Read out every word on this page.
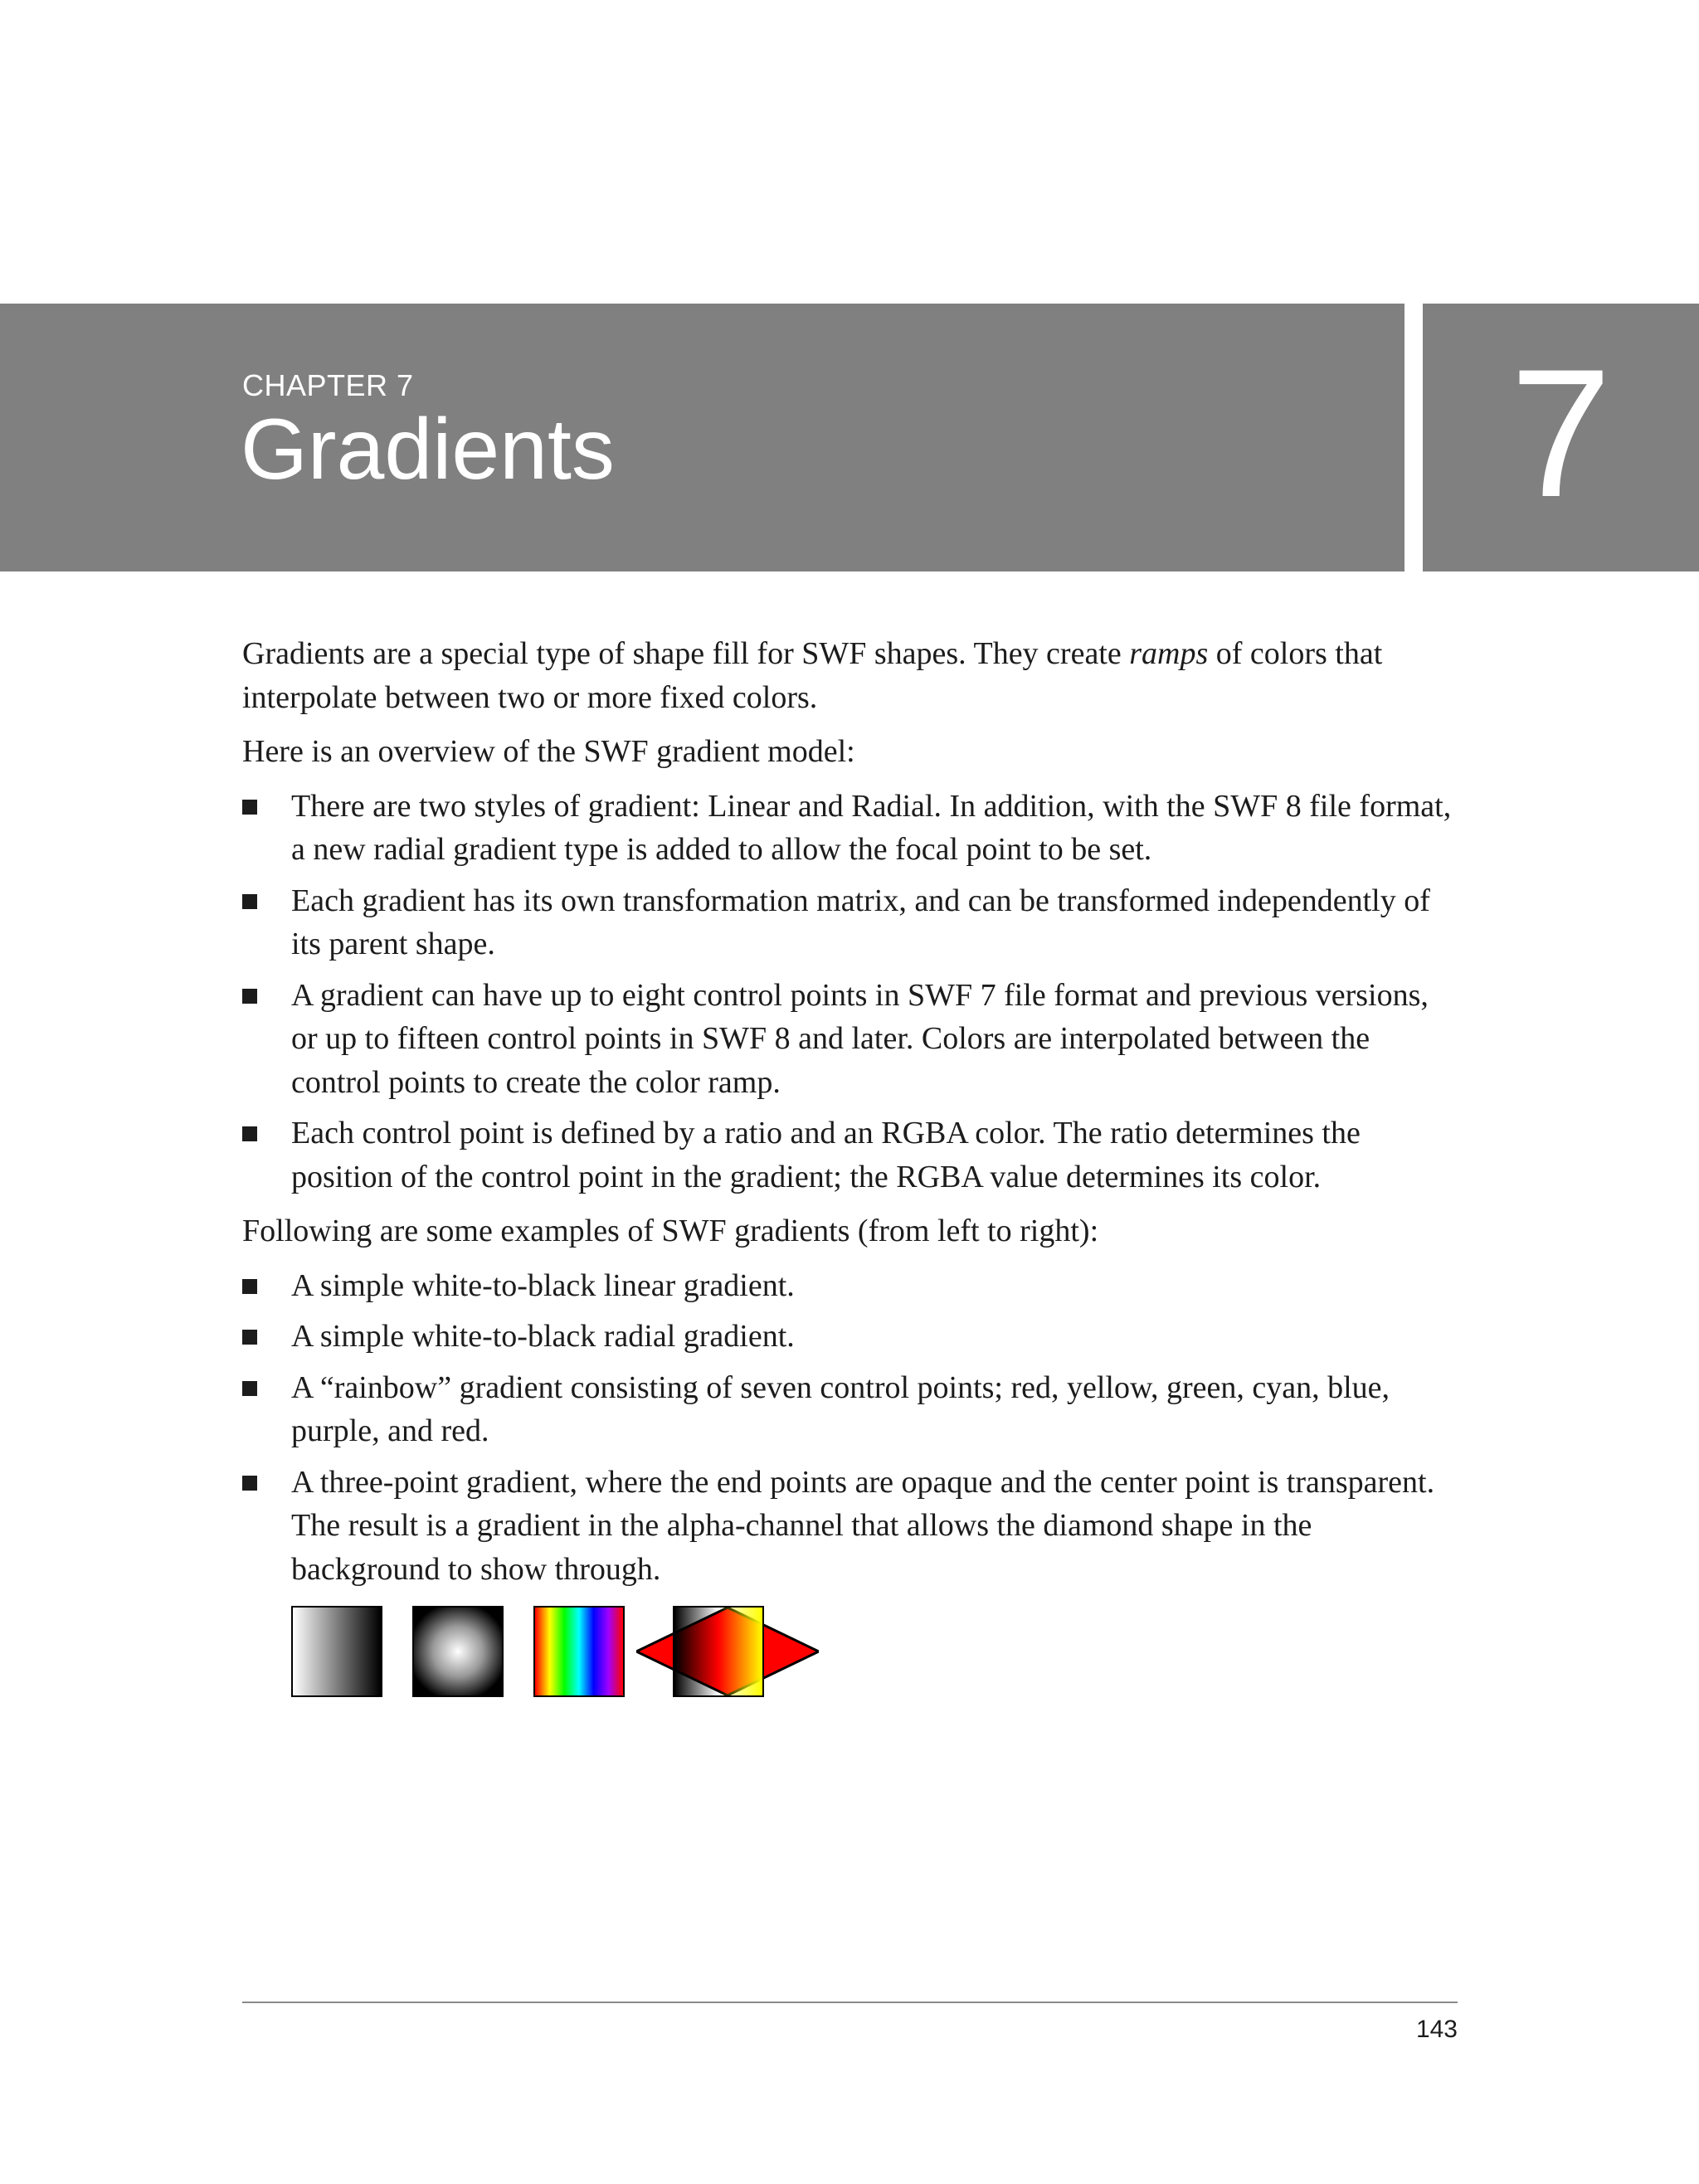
CHAPTER 7
Gradients	7

Gradients are a special type of shape fill for SWF shapes. They create ramps of colors that interpolate between two or more fixed colors.

Here is an overview of the SWF gradient model:

There are two styles of gradient: Linear and Radial. In addition, with the SWF 8 file format, a new radial gradient type is added to allow the focal point to be set.
Each gradient has its own transformation matrix, and can be transformed independently of its parent shape.
A gradient can have up to eight control points in SWF 7 file format and previous versions, or up to fifteen control points in SWF 8 and later. Colors are interpolated between the control points to create the color ramp.
Each control point is defined by a ratio and an RGBA color. The ratio determines the position of the control point in the gradient; the RGBA value determines its color.

Following are some examples of SWF gradients (from left to right):

A simple white-to-black linear gradient.
A simple white-to-black radial gradient.
A “rainbow” gradient consisting of seven control points; red, yellow, green, cyan, blue, purple, and red.
A three-point gradient, where the end points are opaque and the center point is transparent. The result is a gradient in the alpha-channel that allows the diamond shape in the background to show through.
143
